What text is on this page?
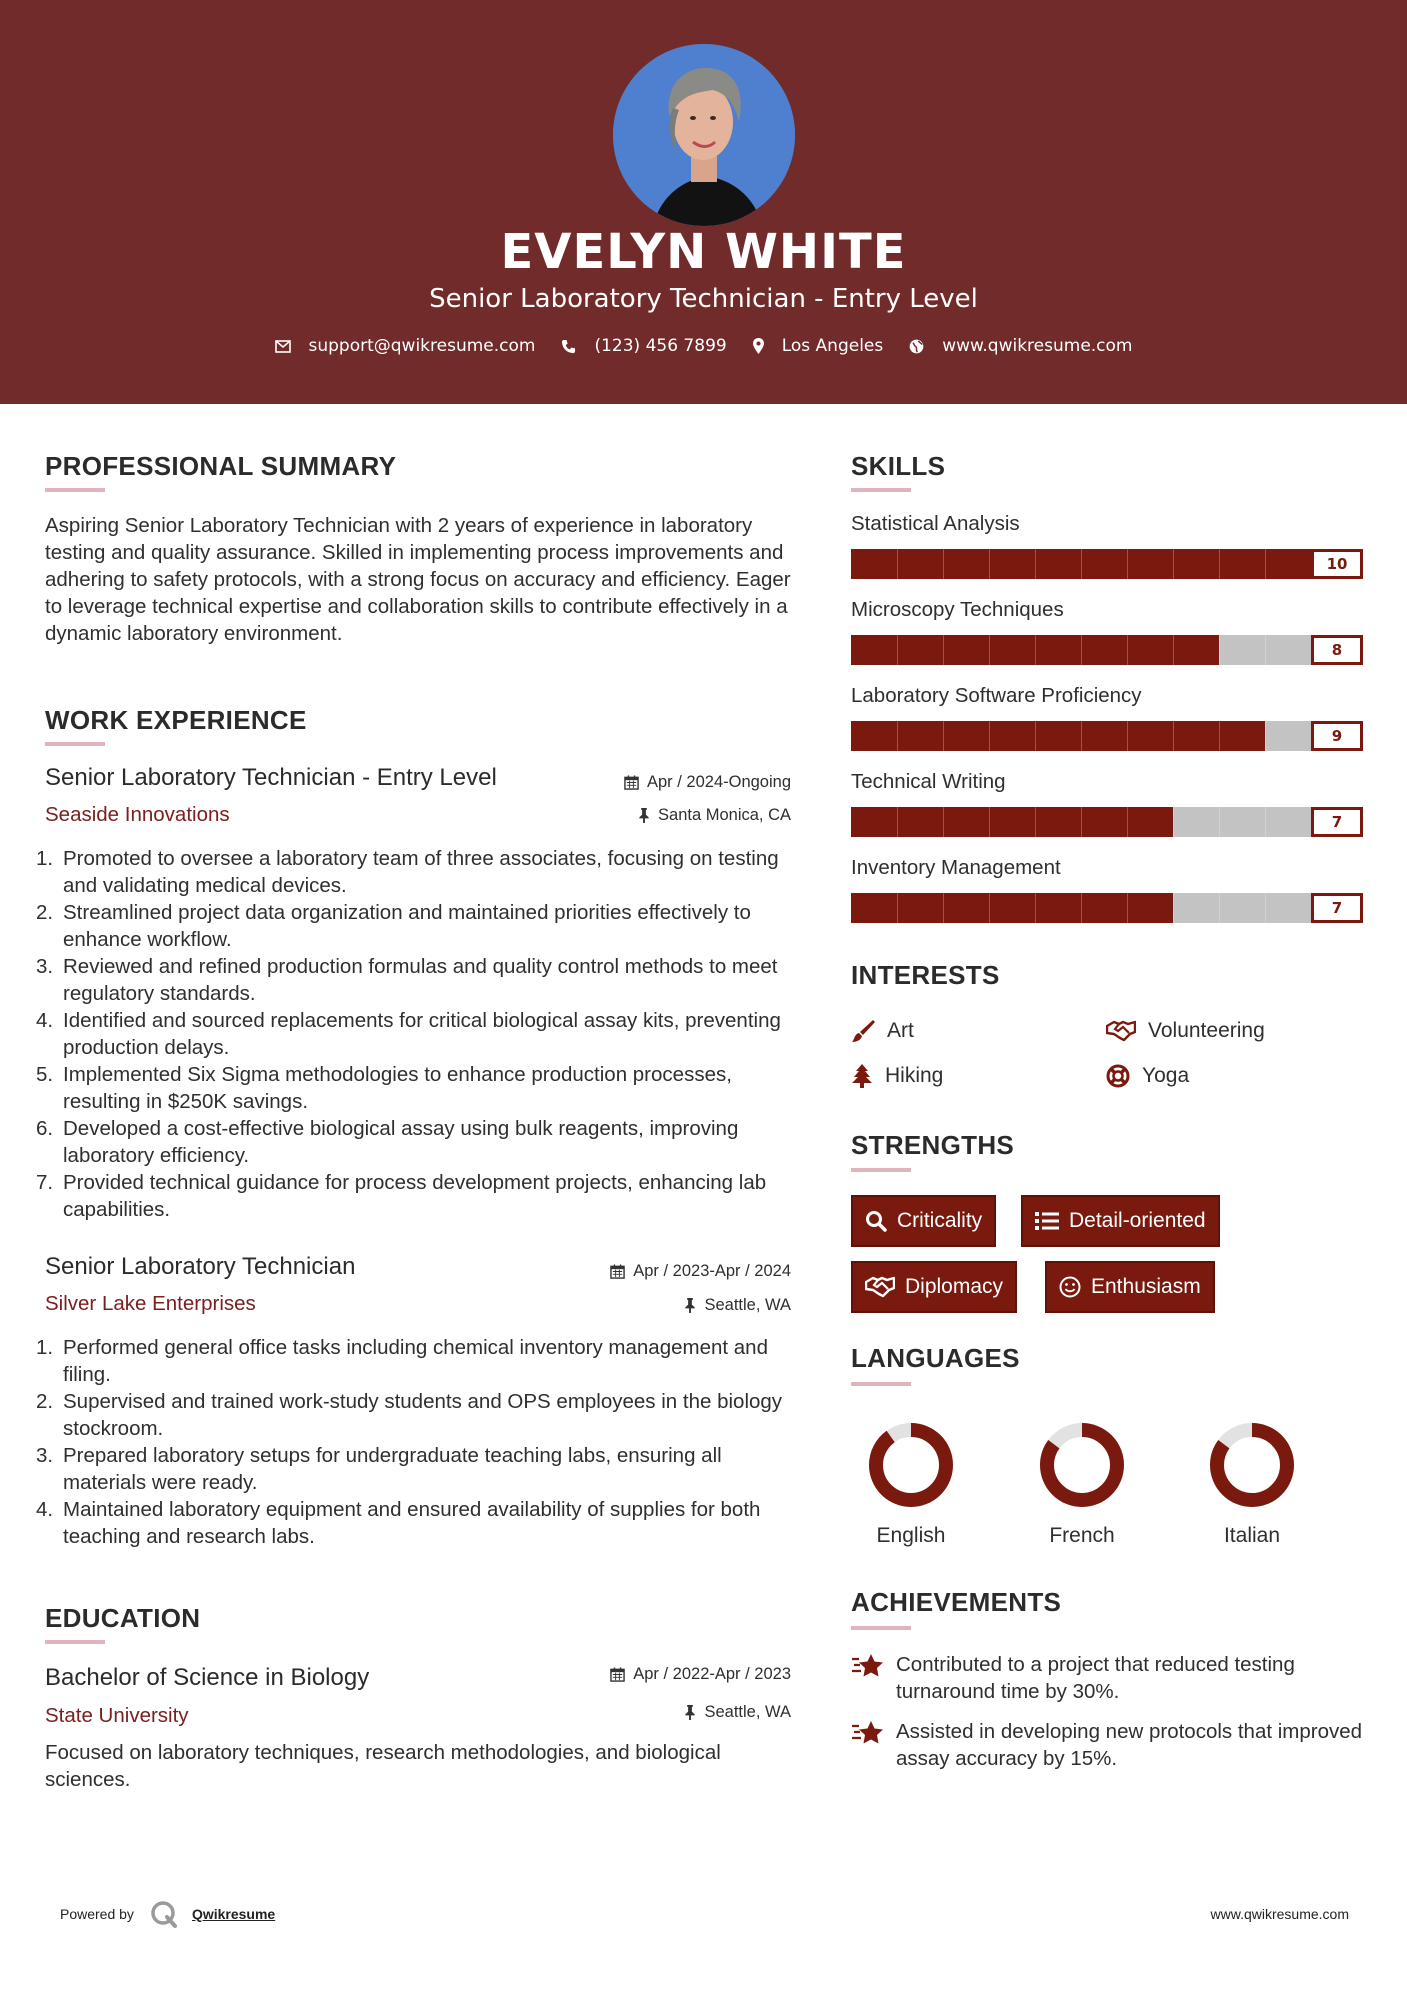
EVELYN WHITE
Senior Laboratory Technician - Entry Level
support@qwikresume.com	(123) 456 7899	Los Angeles	www.qwikresume.com
PROFESSIONAL SUMMARY
Aspiring Senior Laboratory Technician with 2 years of experience in laboratory testing and quality assurance. Skilled in implementing process improvements and adhering to safety protocols, with a strong focus on accuracy and efficiency. Eager to leverage technical expertise and collaboration skills to contribute effectively in a dynamic laboratory environment.
WORK EXPERIENCE
Senior Laboratory Technician - Entry Level	Apr / 2024-Ongoing
Seaside Innovations	Santa Monica, CA
1. Promoted to oversee a laboratory team of three associates, focusing on testing and validating medical devices.
2. Streamlined project data organization and maintained priorities effectively to enhance workflow.
3. Reviewed and refined production formulas and quality control methods to meet regulatory standards.
4. Identified and sourced replacements for critical biological assay kits, preventing production delays.
5. Implemented Six Sigma methodologies to enhance production processes, resulting in $250K savings.
6. Developed a cost-effective biological assay using bulk reagents, improving laboratory efficiency.
7. Provided technical guidance for process development projects, enhancing lab capabilities.
Senior Laboratory Technician	Apr / 2023-Apr / 2024
Silver Lake Enterprises	Seattle, WA
1. Performed general office tasks including chemical inventory management and filing.
2. Supervised and trained work-study students and OPS employees in the biology stockroom.
3. Prepared laboratory setups for undergraduate teaching labs, ensuring all materials were ready.
4. Maintained laboratory equipment and ensured availability of supplies for both teaching and research labs.
EDUCATION
Bachelor of Science in Biology	Apr / 2022-Apr / 2023
State University	Seattle, WA
Focused on laboratory techniques, research methodologies, and biological sciences.
SKILLS
Statistical Analysis
10
Microscopy Techniques
8
Laboratory Software Proficiency
9
Technical Writing
7
Inventory Management
7
INTERESTS
Art	Volunteering
Hiking	Yoga
STRENGTHS
Criticality	Detail-oriented
Diplomacy	Enthusiasm
LANGUAGES
English	French	Italian
ACHIEVEMENTS
Contributed to a project that reduced testing turnaround time by 30%.
Assisted in developing new protocols that improved assay accuracy by 15%.
Powered by	Qwikresume	www.qwikresume.com
